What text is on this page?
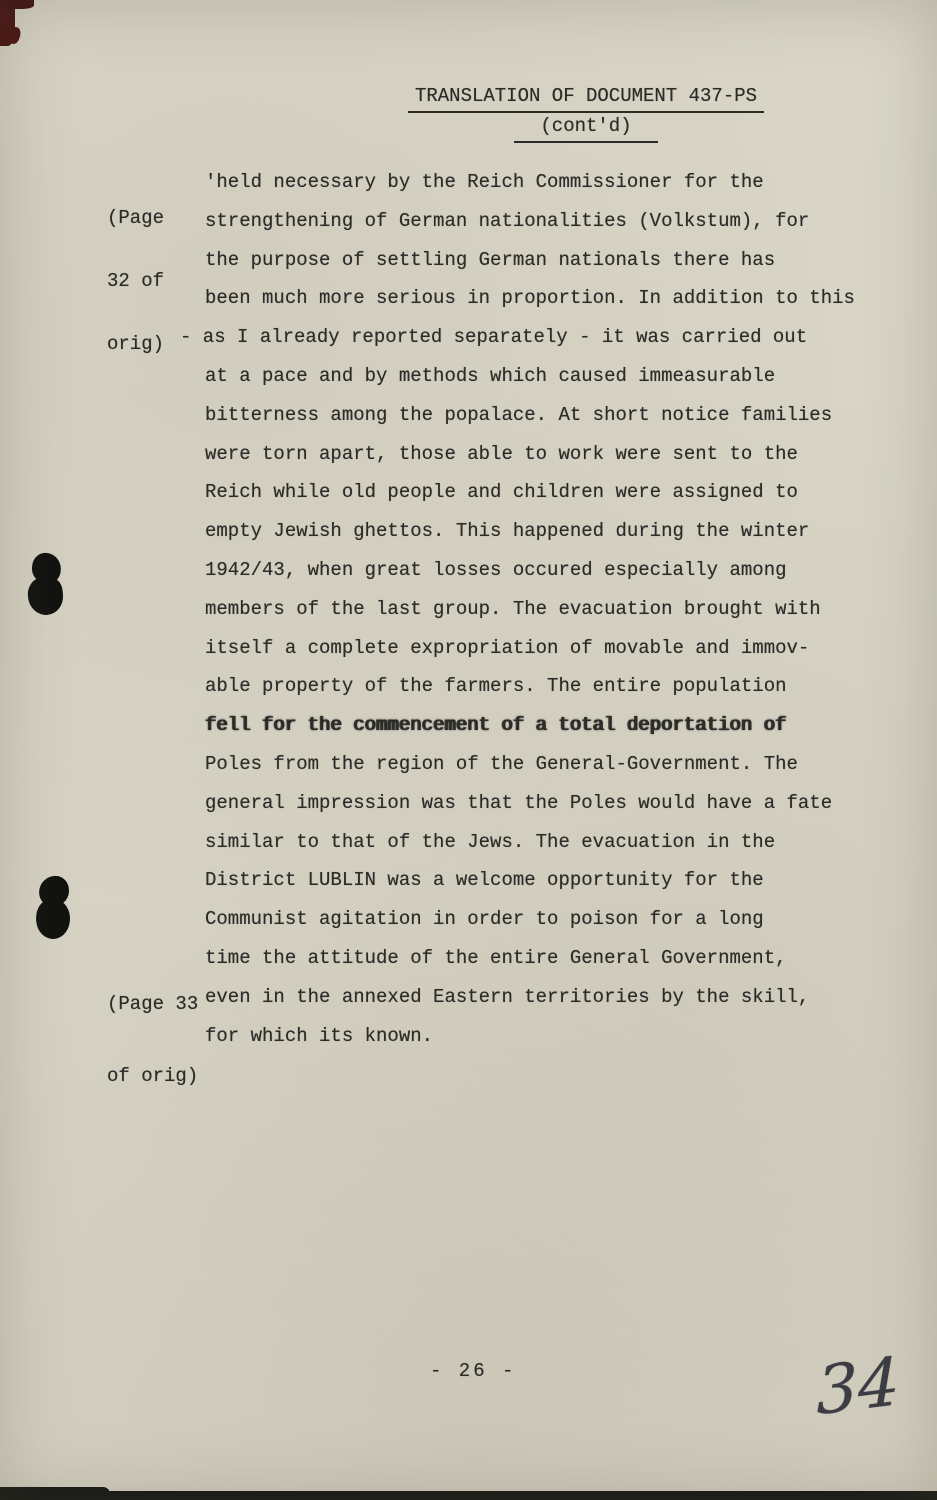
TRANSLATION OF DOCUMENT 437-PS
(cont'd)

(Page

32 of

orig)

(Page 33

of orig)

'held necessary by the Reich Commissioner for the
strengthening of German nationalities (Volkstum), for
the purpose of settling German nationals there has
been much more serious in proportion. In addition to this
- as I already reported separately - it was carried out
at a pace and by methods which caused immeasurable
bitterness among the popalace. At short notice families
were torn apart, those able to work were sent to the
Reich while old people and children were assigned to
empty Jewish ghettos. This happened during the winter
1942/43, when great losses occured especially among
members of the last group. The evacuation brought with
itself a complete expropriation of movable and immov-
able property of the farmers. The entire population
fell for the commencement of a total deportation of
Poles from the region of the General-Government. The
general impression was that the Poles would have a fate
similar to that of the Jews. The evacuation in the
District LUBLIN was a welcome opportunity for the
Communist agitation in order to poison for a long
time the attitude of the entire General Government,
even in the annexed Eastern territories by the skill,
for which its known.
- 26 -	34
